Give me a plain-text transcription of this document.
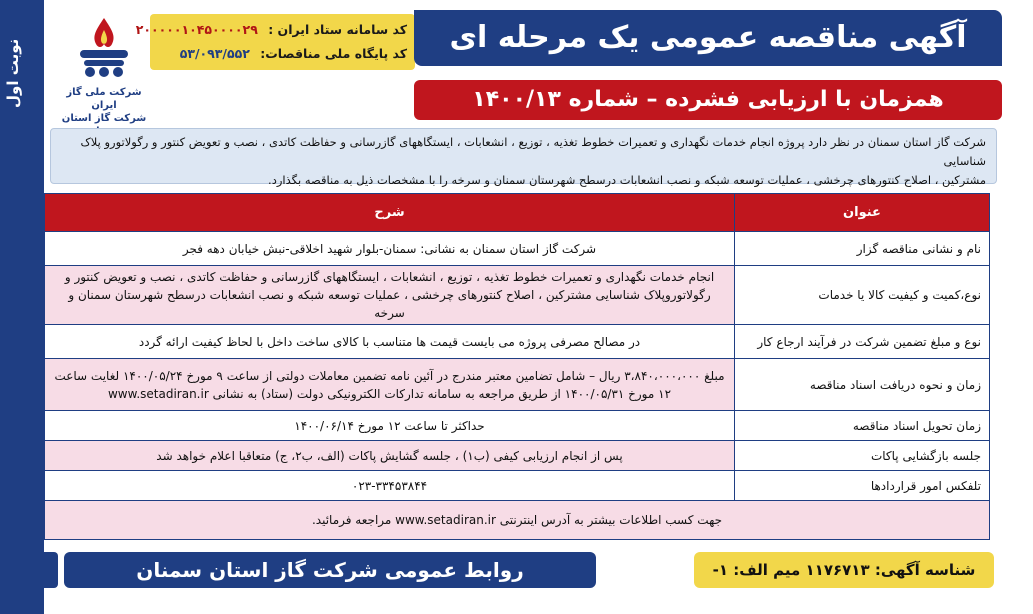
نوبت اول	شرکت ملی گاز ایران
شرکت گاز استان
کد سامانه ستاد ایران : ۲۰۰۰۰۰۱۰۴۵۰۰۰۰۲۹
کد پایگاه ملی مناقصات: ۵۳/۰۹۳/۵۵۲	آگهی مناقصه عمومی یک مرحله ای
همزمان با ارزیابی فشرده – شماره ۱۴۰۰/۱۳
شرکت گاز استان سمنان در نظر دارد پروژه انجام خدمات نگهداری و تعمیرات خطوط تغذیه ، توزیع ، انشعابات ، ایستگاههای گازرسانی و حفاظت کاتدی ، نصب و تعویض کنتور و رگولاتورو پلاک شناسایی
مشترکین ، اصلاح کنتورهای چرخشی ، عملیات توسعه شبکه و نصب انشعابات درسطح شهرستان سمنان و سرخه را با مشخصات ذیل به مناقصه بگذارد.
عنوان	شرح
نام و نشانی مناقصه گزار	شرکت گاز استان سمنان به نشانی: سمنان-بلوار شهید اخلاقی-نبش خیابان دهه فجر
نوع،کمیت و کیفیت کالا یا خدمات	انجام خدمات نگهداری و تعمیرات خطوط تغذیه ، توزیع ، انشعابات ، ایستگاههای گازرسانی و حفاظت کاتدی ، نصب و تعویض کنتور و رگولاتوروپلاک شناسایی مشترکین ، اصلاح کنتورهای چرخشی ، عملیات توسعه شبکه و نصب انشعابات درسطح شهرستان سمنان و سرخه
نوع و مبلغ تضمین شرکت در فرآیند ارجاع کار	در مصالح مصرفی پروژه می بایست قیمت ها متناسب با کالای ساخت داخل با لحاظ کیفیت ارائه گردد
زمان و نحوه دریافت اسناد مناقصه	مبلغ ۳،۸۴۰،۰۰۰،۰۰۰ ریال – شامل تضامین معتبر مندرج در آئین نامه تضمین معاملات دولتی از ساعت ۹ مورخ ۱۴۰۰/۰۵/۲۴ لغایت ساعت ۱۲ مورخ ۱۴۰۰/۰۵/۳۱ از طریق مراجعه به سامانه تدارکات الکترونیکی دولت (ستاد) به نشانی www.setadiran.ir
زمان تحویل اسناد مناقصه	حداکثر تا ساعت ۱۲ مورخ ۱۴۰۰/۰۶/۱۴
جلسه بازگشایی پاکات	پس از انجام ارزیابی کیفی (ب۱) ، جلسه گشایش پاکات (الف، ب۲، ج) متعاقبا اعلام خواهد شد
تلفکس امور قراردادها	۰۲۳-۳۳۴۵۳۸۴۴
جهت کسب اطلاعات بیشتر به آدرس اینترنتی www.setadiran.ir مراجعه فرمائید.	
شناسه آگهی: ۱۱۷۶۷۱۳ میم الف: ۱-
روابط عمومی شرکت گاز استان سمنان
